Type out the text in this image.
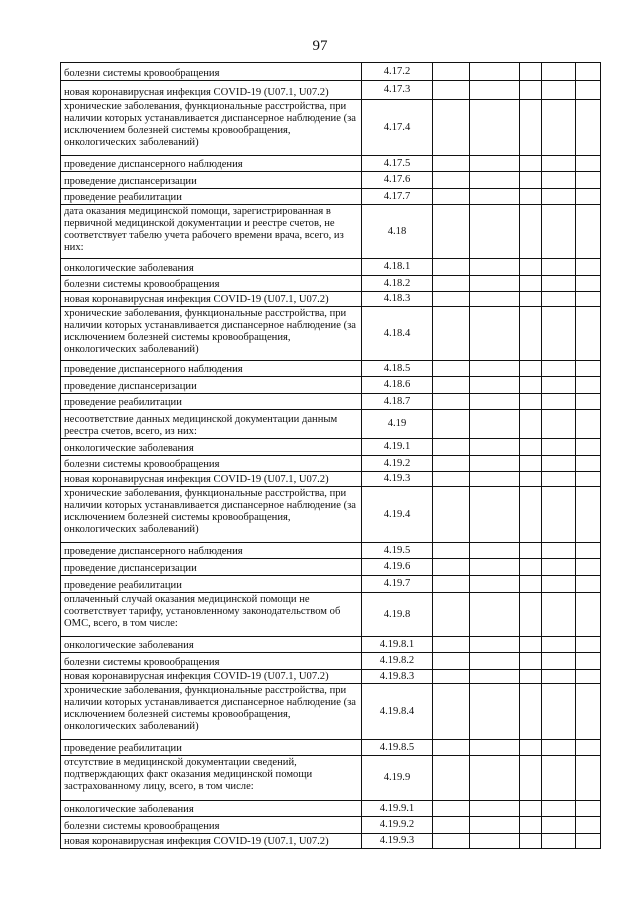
97
болезни системы кровообращения	4.17.2					
новая коронавирусная инфекция COVID-19 (U07.1, U07.2)	4.17.3					
хронические заболевания, функциональные расстройства, при наличии которых устанавливается диспансерное наблюдение (за исключением болезней системы кровообращения, онкологических заболеваний)	4.17.4					
проведение диспансерного наблюдения	4.17.5					
проведение диспансеризации	4.17.6					
проведение реабилитации	4.17.7					
дата оказания медицинской помощи, зарегистрированная в первичной медицинской документации и реестре счетов, не соответствует табелю учета рабочего времени врача, всего, из них:	4.18					
онкологические заболевания	4.18.1					
болезни системы кровообращения	4.18.2					
новая коронавирусная инфекция COVID-19 (U07.1, U07.2)	4.18.3					
хронические заболевания, функциональные расстройства, при наличии которых устанавливается диспансерное наблюдение (за исключением болезней системы кровообращения, онкологических заболеваний)	4.18.4					
проведение диспансерного наблюдения	4.18.5					
проведение диспансеризации	4.18.6					
проведение реабилитации	4.18.7					
несоответствие данных медицинской документации данным реестра счетов, всего, из них:	4.19					
онкологические заболевания	4.19.1					
болезни системы кровообращения	4.19.2					
новая коронавирусная инфекция COVID-19 (U07.1, U07.2)	4.19.3					
хронические заболевания, функциональные расстройства, при наличии которых устанавливается диспансерное наблюдение (за исключением болезней системы кровообращения, онкологических заболеваний)	4.19.4					
проведение диспансерного наблюдения	4.19.5					
проведение диспансеризации	4.19.6					
проведение реабилитации	4.19.7					
оплаченный случай оказания медицинской помощи не соответствует тарифу, установленному законодательством об ОМС, всего, в том числе:	4.19.8					
онкологические заболевания	4.19.8.1					
болезни системы кровообращения	4.19.8.2					
новая коронавирусная инфекция COVID-19 (U07.1, U07.2)	4.19.8.3					
хронические заболевания, функциональные расстройства, при наличии которых устанавливается диспансерное наблюдение (за исключением болезней системы кровообращения, онкологических заболеваний)	4.19.8.4					
проведение реабилитации	4.19.8.5					
отсутствие в медицинской документации сведений, подтверждающих факт оказания медицинской помощи застрахованному лицу, всего, в том числе:	4.19.9					
онкологические заболевания	4.19.9.1					
болезни системы кровообращения	4.19.9.2					
новая коронавирусная инфекция COVID-19 (U07.1, U07.2)	4.19.9.3					
